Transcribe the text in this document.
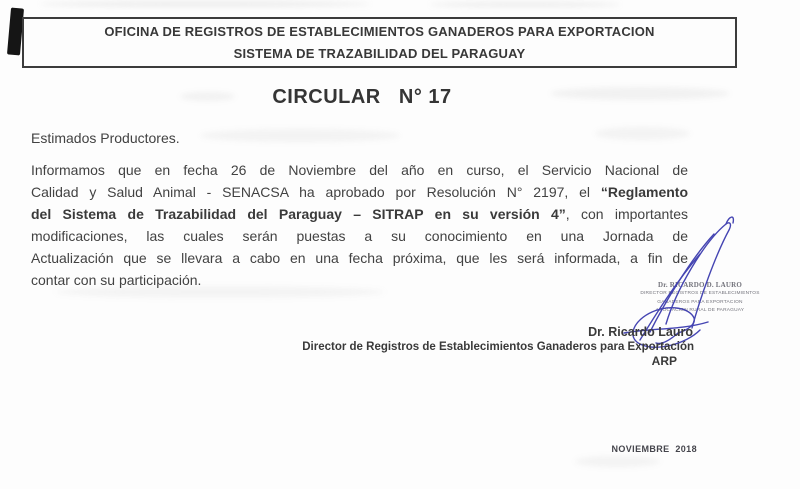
OFICINA DE REGISTROS DE ESTABLECIMIENTOS GANADEROS PARA EXPORTACION
SISTEMA DE TRAZABILIDAD DEL PARAGUAY
CIRCULAR   N° 17
Estimados Productores.
Informamos que en fecha 26 de Noviembre del año en curso, el Servicio Nacional de
Calidad y Salud Animal - SENACSA ha aprobado por Resolución N° 2197, el “Reglamento
del Sistema de Trazabilidad del Paraguay – SITRAP en su versión 4”, con importantes
modificaciones, las cuales serán puestas a su conocimiento en una Jornada de
Actualización que se llevara a cabo en una fecha próxima, que les será informada, a fin de
contar con su participación.	Dr. RICARDO D. LAURO
DIRECTOR REGISTROS DE ESTABLECIMIENTOS
GANADEROS PARA EXPORTACION
ASOCIACION RURAL DE PARAGUAY
Dr. Ricardo Lauro
Director de Registros de Establecimientos Ganaderos para Exportación
ARP
NOVIEMBRE  2018
